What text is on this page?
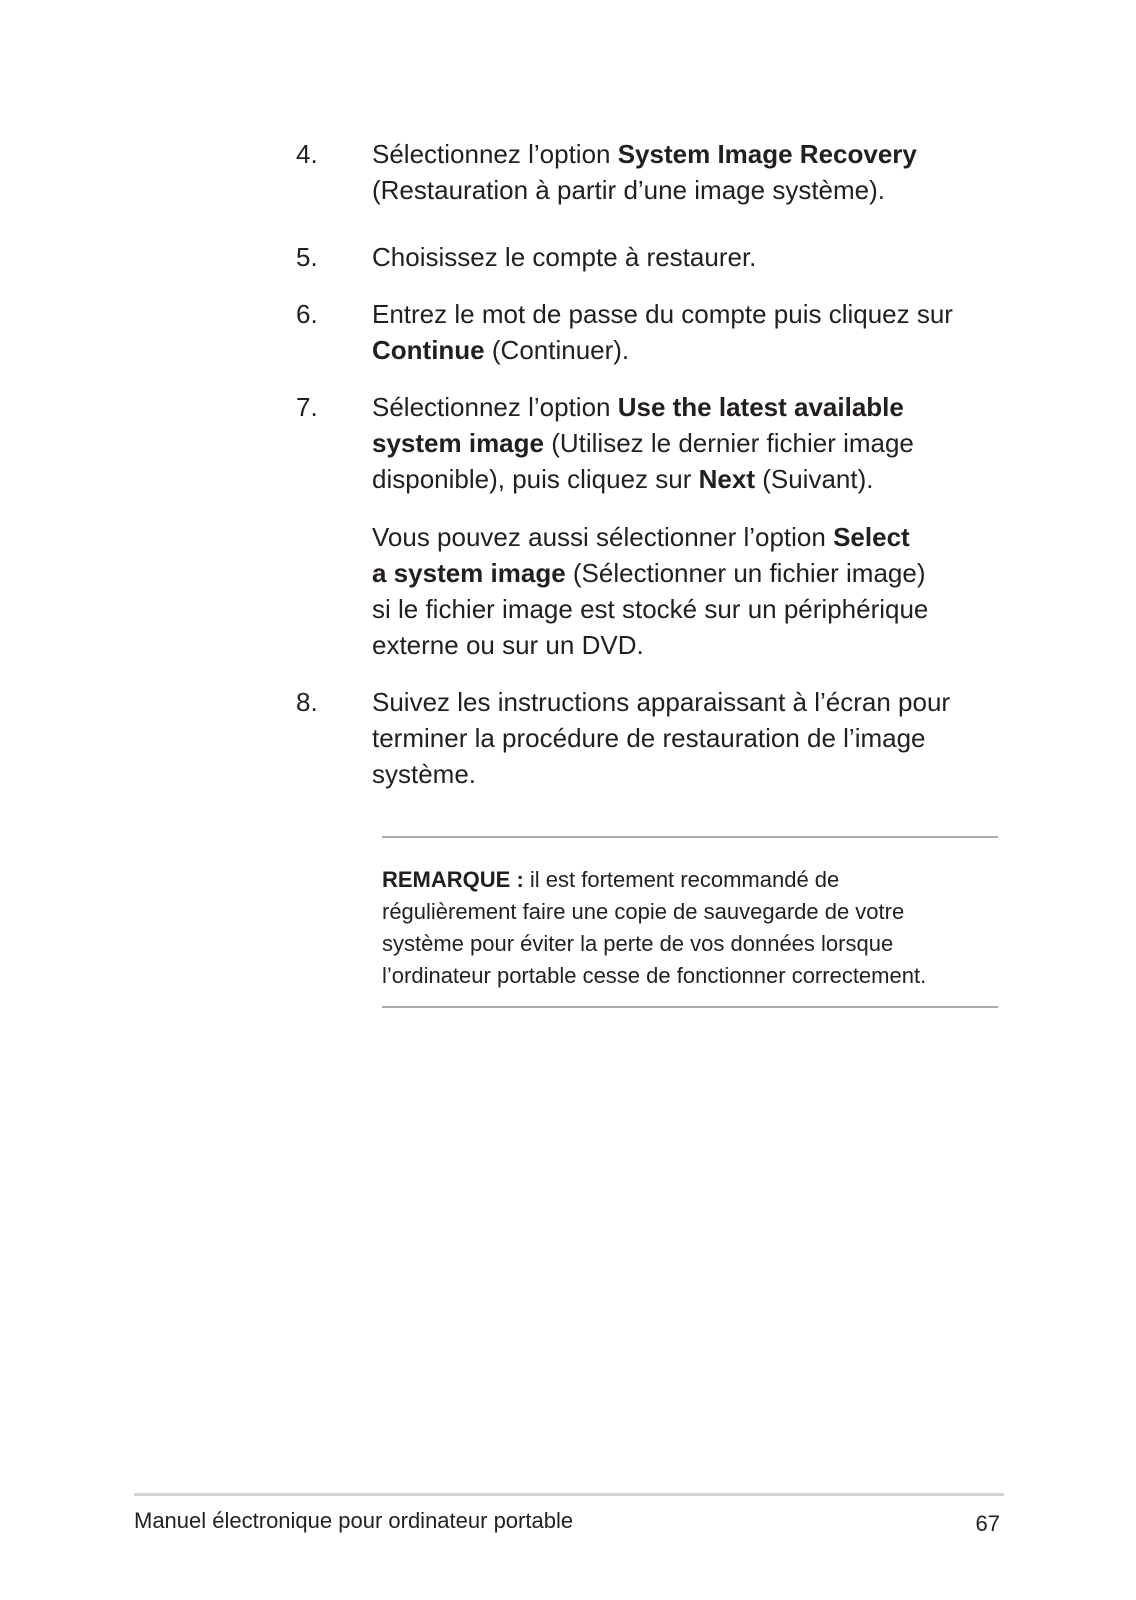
4. Sélectionnez l’option System Image Recovery
(Restauration à partir d’une image système).
5. Choisissez le compte à restaurer.
6. Entrez le mot de passe du compte puis cliquez sur
Continue (Continuer).
7. Sélectionnez l’option Use the latest available
system image (Utilisez le dernier fichier image
disponible), puis cliquez sur Next (Suivant).
Vous pouvez aussi sélectionner l’option Select
a system image (Sélectionner un fichier image)
si le fichier image est stocké sur un périphérique
externe ou sur un DVD.
8. Suivez les instructions apparaissant à l’écran pour
terminer la procédure de restauration de l’image
système.
REMARQUE : il est fortement recommandé de
régulièrement faire une copie de sauvegarde de votre
système pour éviter la perte de vos données lorsque
l’ordinateur portable cesse de fonctionner correctement.
Manuel électronique pour ordinateur portable	67
